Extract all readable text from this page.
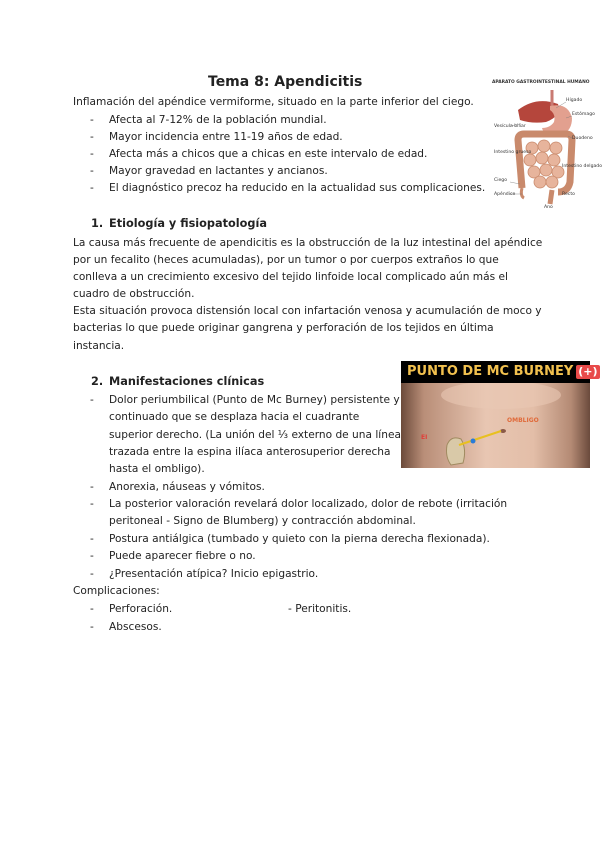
Tema 8: Apendicitis
Inflamación del apéndice vermiforme, situado en la parte inferior del ciego.
-	Afecta al 7-12% de la población mundial.
-	Mayor incidencia entre 11-19 años de edad.
-	Afecta más a chicos que a chicas en este intervalo de edad.
-	Mayor gravedad en lactantes y ancianos.
-	El diagnóstico precoz ha reducido en la actualidad sus complicaciones.
APARATO GASTROINTESTINAL HUMANO
Hígado
Estómago
Vesícula biliar
Duodeno
Intestino grueso
Ciego
Apéndice
Intestino delgado
Recto
Ano
1. Etiología y fisiopatología
La causa más frecuente de apendicitis es la obstrucción de la luz intestinal del apéndice
por un fecalito (heces acumuladas), por un tumor o por cuerpos extraños lo que
conlleva a un crecimiento excesivo del tejido linfoide local complicado aún más el
cuadro de obstrucción.
Esta situación provoca distensión local con infartación venosa y acumulación de moco y
bacterias lo que puede originar gangrena y perforación de los tejidos en última
instancia.
PUNTO DE MC BURNEY (+)
OMBLIGO
EI
2. Manifestaciones clínicas
-	Dolor periumbilical (Punto de Mc Burney) persistente y
continuado que se desplaza hacia el cuadrante
superior derecho. (La unión del ⅓ externo de una línea
trazada entre la espina ilíaca anterosuperior derecha
hasta el ombligo).
-	Anorexia, náuseas y vómitos.
-	La posterior valoración revelará dolor localizado, dolor de rebote (irritación
peritoneal - Signo de Blumberg) y contracción abdominal.
-	Postura antiálgica (tumbado y quieto con la pierna derecha flexionada).
-	Puede aparecer fiebre o no.
-	¿Presentación atípica? Inicio epigastrio.
Complicaciones:
-	Perforación.	- Peritonitis.
-	Abscesos.
